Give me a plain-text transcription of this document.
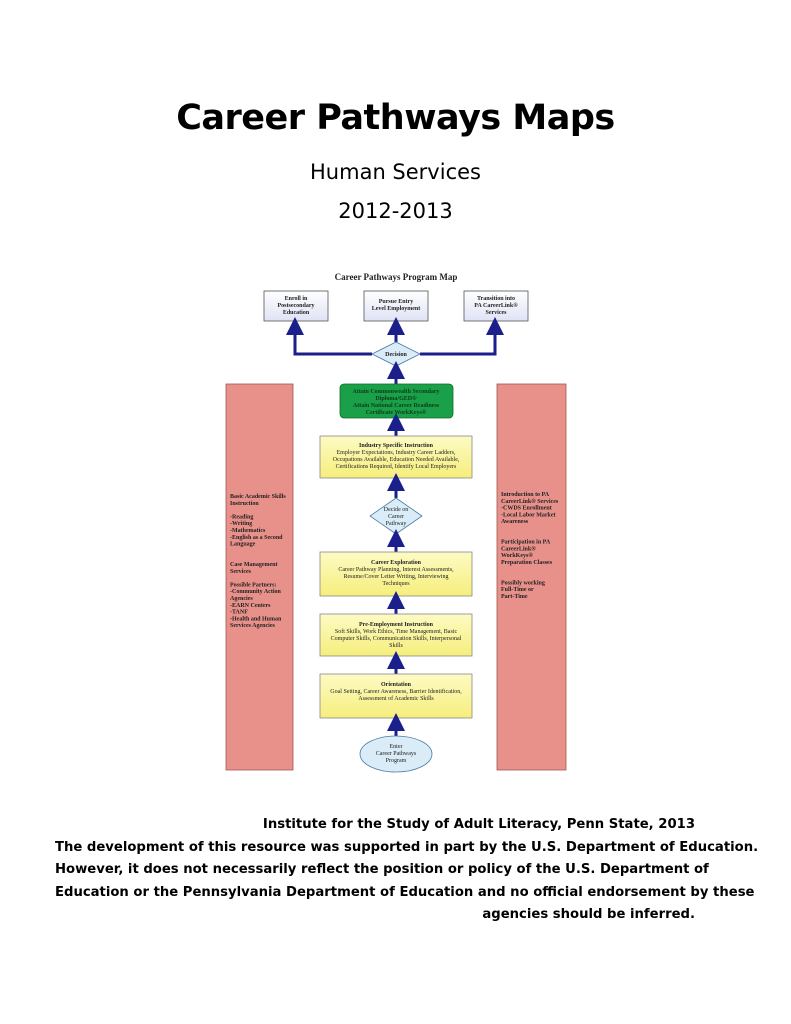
Career Pathways Maps
Human Services
2012-2013
Career Pathways Program Map
Basic Academic Skills
Instruction
-Reading
-Writing
-Mathematics
-English as a Second
Language
Case Management
Services
Possible Partners:
-Community Action
Agencies
-EARN Centers
-TANF
-Health and Human
Services Agencies
Introduction to PA
CareerLink® Services
-CWDS Enrollment
-Local Labor Market
Awareness
Participation in PA
CareerLink®
WorkKeys®
Preparation Classes
Possibly working
Full-Time or
Part-Time
Enroll in
Postsecondary
Education
Pursue Entry
Level Employment
Transition into
PA CareerLink®
Services
Decision
Attain Commonwealth Secondary
Diploma/GED®
Attain National Career Readiness
Certificate WorkKeys®
Industry Specific Instruction
Employer Expectations, Industry Career Ladders,
Occupations Available, Education Needed Available,
Certifications Required, Identify Local Employers
Decide on
Career
Pathway
Career Exploration
Career Pathway Planning, Interest Assessments,
Resume/Cover Letter Writing, Interviewing
Techniques
Pre-Employment Instruction
Soft Skills, Work Ethics, Time Management, Basic
Computer Skills, Communication Skills, Interpersonal
Skills
Orientation
Goal Setting, Career Awareness, Barrier Identification,
Assessment of Academic Skills
Enter
Career Pathways
Program
Institute for the Study of Adult Literacy, Penn State, 2013
The development of this resource was supported in part by the U.S. Department of Education.
However, it does not necessarily reflect the position or policy of the U.S. Department of
Education or the Pennsylvania Department of Education and no official endorsement by these
agencies should be inferred.
